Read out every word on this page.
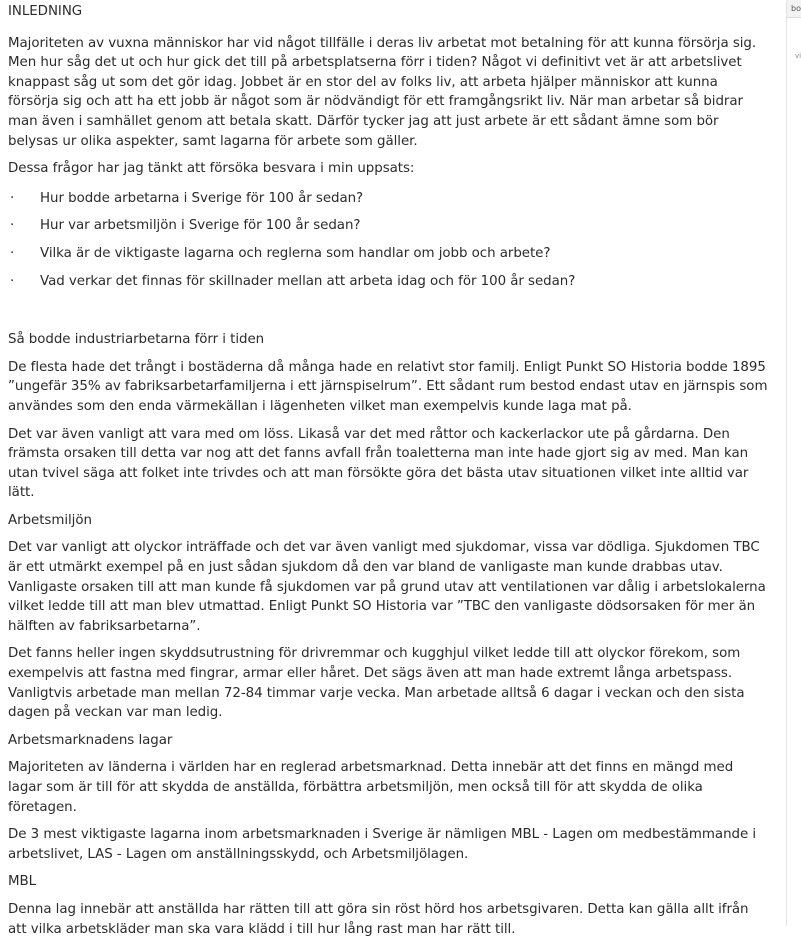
INLEDNING

Majoriteten av vuxna människor har vid något tillfälle i deras liv arbetat mot betalning för att kunna försörja sig. Men hur såg det ut och hur gick det till på arbetsplatserna förr i tiden? Något vi definitivt vet är att arbetslivet knappast såg ut som det gör idag. Jobbet är en stor del av folks liv, att arbeta hjälper människor att kunna försörja sig och att ha ett jobb är något som är nödvändigt för ett framgångsrikt liv. När man arbetar så bidrar man även i samhället genom att betala skatt. Därför tycker jag att just arbete är ett sådant ämne som bör belysas ur olika aspekter, samt lagarna för arbete som gäller.

Dessa frågor har jag tänkt att försöka besvara i min uppsats:

· Hur bodde arbetarna i Sverige för 100 år sedan?
· Hur var arbetsmiljön i Sverige för 100 år sedan?
· Vilka är de viktigaste lagarna och reglerna som handlar om jobb och arbete?
· Vad verkar det finnas för skillnader mellan att arbeta idag och för 100 år sedan?
Så bodde industriarbetarna förr i tiden

De flesta hade det trångt i bostäderna då många hade en relativt stor familj. Enligt Punkt SO Historia bodde 1895 ”ungefär 35% av fabriksarbetarfamiljerna i ett järnspiselrum”. Ett sådant rum bestod endast utav en järnspis som användes som den enda värmekällan i lägenheten vilket man exempelvis kunde laga mat på.

Det var även vanligt att vara med om löss. Likaså var det med råttor och kackerlackor ute på gårdarna. Den främsta orsaken till detta var nog att det fanns avfall från toaletterna man inte hade gjort sig av med. Man kan utan tvivel säga att folket inte trivdes och att man försökte göra det bästa utav situationen vilket inte alltid var lätt.

Arbetsmiljön

Det var vanligt att olyckor inträffade och det var även vanligt med sjukdomar, vissa var dödliga. Sjukdomen TBC är ett utmärkt exempel på en just sådan sjukdom då den var bland de vanligaste man kunde drabbas utav. Vanligaste orsaken till att man kunde få sjukdomen var på grund utav att ventilationen var dålig i arbetslokalerna vilket ledde till att man blev utmattad. Enligt Punkt SO Historia var ”TBC den vanligaste dödsorsaken för mer än hälften av fabriksarbetarna”.

Det fanns heller ingen skyddsutrustning för drivremmar och kugghjul vilket ledde till att olyckor förekom, som exempelvis att fastna med fingrar, armar eller håret. Det sägs även att man hade extremt långa arbetspass. Vanligtvis arbetade man mellan 72-84 timmar varje vecka. Man arbetade alltså 6 dagar i veckan och den sista dagen på veckan var man ledig.

Arbetsmarknadens lagar

Majoriteten av länderna i världen har en reglerad arbetsmarknad. Detta innebär att det finns en mängd med lagar som är till för att skydda de anställda, förbättra arbetsmiljön, men också till för att skydda de olika företagen.

De 3 mest viktigaste lagarna inom arbetsmarknaden i Sverige är nämligen MBL - Lagen om medbestämmande i arbetslivet, LAS - Lagen om anställningsskydd, och Arbetsmiljölagen.

MBL

Denna lag innebär att anställda har rätten till att göra sin röst hörd hos arbetsgivaren. Detta kan gälla allt ifrån att vilka arbetskläder man ska vara klädd i till hur lång rast man har rätt till.

bo
vi
